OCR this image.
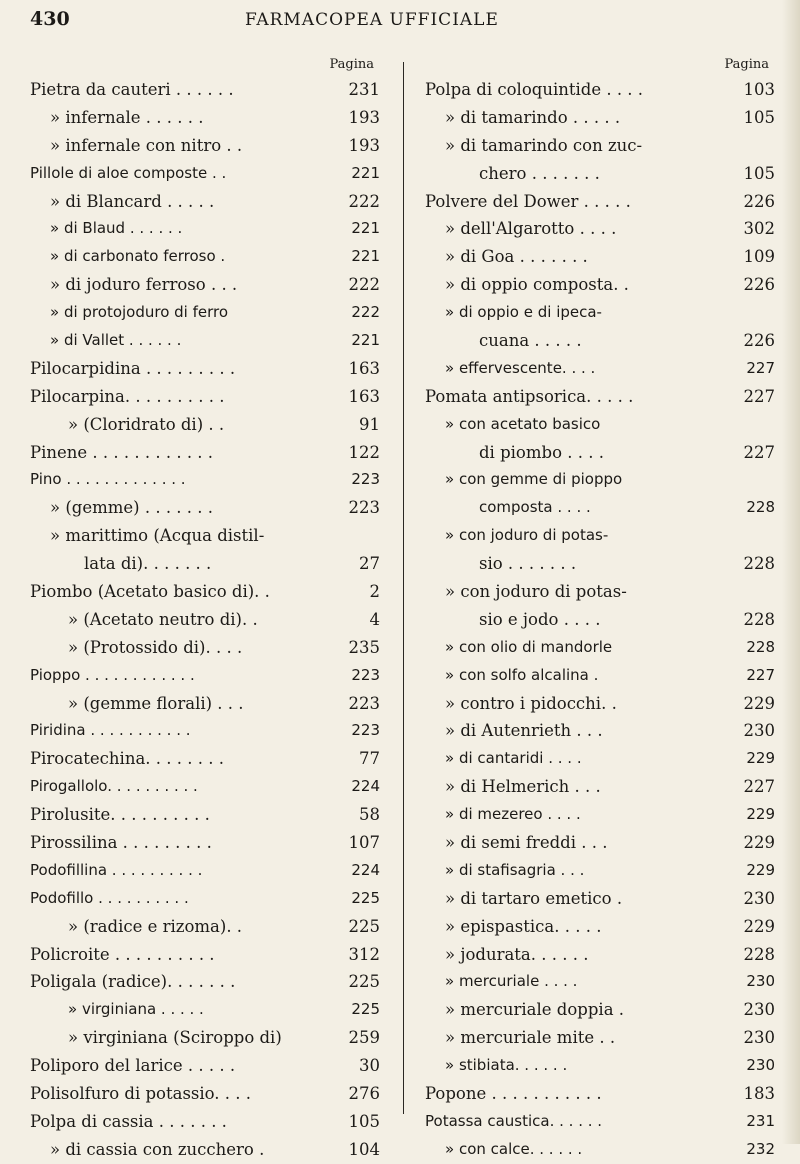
430	FARMACOPEA UFFICIALE
Pagina
Pietra da cauteri . . . . . .	231
» infernale . . . . . .	193
» infernale con nitro . .	193
Pillole di aloe composte . .	221
» di Blancard . . . . .	222
» di Blaud . . . . . .	221
» di carbonato ferroso .	221
» di joduro ferroso . . .	222
» di protojoduro di ferro	222
» di Vallet . . . . . .	221
Pilocarpidina . . . . . . . . .	163
Pilocarpina. . . . . . . . . .	163
» (Cloridrato di) . .	91
Pinene . . . . . . . . . . . .	122
Pino . . . . . . . . . . . . .	223
» (gemme) . . . . . . .	223
» marittimo (Acqua distil-
lata di). . . . . . .	27
Piombo (Acetato basico di). .	2
» (Acetato neutro di). .	4
» (Protossido di). . . .	235
Pioppo . . . . . . . . . . . .	223
» (gemme florali) . . .	223
Piridina . . . . . . . . . . .	223
Pirocatechina. . . . . . . .	77
Pirogallolo. . . . . . . . . .	224
Pirolusite. . . . . . . . . .	58
Pirossilina . . . . . . . . .	107
Podofillina . . . . . . . . . .	224
Podofillo . . . . . . . . . .	225
» (radice e rizoma). .	225
Policroite . . . . . . . . . .	312
Poligala (radice). . . . . . .	225
» virginiana . . . . .	225
» virginiana (Sciroppo di)	259
Poliporo del larice . . . . .	30
Polisolfuro di potassio. . . .	276
Polpa di cassia . . . . . . .	105
» di cassia con zucchero .	104
Pagina
Polpa di coloquintide . . . .	103
» di tamarindo . . . . .	105
» di tamarindo con zuc-
chero . . . . . . .	105
Polvere del Dower . . . . .	226
» dell'Algarotto . . . .	302
» di Goa . . . . . . .	109
» di oppio composta. .	226
» di oppio e di ipeca-
cuana . . . . .	226
» effervescente. . . .	227
Pomata antipsorica. . . . .	227
» con acetato basico
di piombo . . . .	227
» con gemme di pioppo
composta . . . .	228
» con joduro di potas-
sio . . . . . . .	228
» con joduro di potas-
sio e jodo . . . .	228
» con olio di mandorle	228
» con solfo alcalina .	227
» contro i pidocchi. .	229
» di Autenrieth . . .	230
» di cantaridi . . . .	229
» di Helmerich . . .	227
» di mezereo . . . .	229
» di semi freddi . . .	229
» di stafisagria . . .	229
» di tartaro emetico .	230
» epispastica. . . . .	229
» jodurata. . . . . .	228
» mercuriale . . . .	230
» mercuriale doppia .	230
» mercuriale mite . .	230
» stibiata. . . . . .	230
Popone . . . . . . . . . . .	183
Potassa caustica. . . . . .	231
» con calce. . . . . .	232
